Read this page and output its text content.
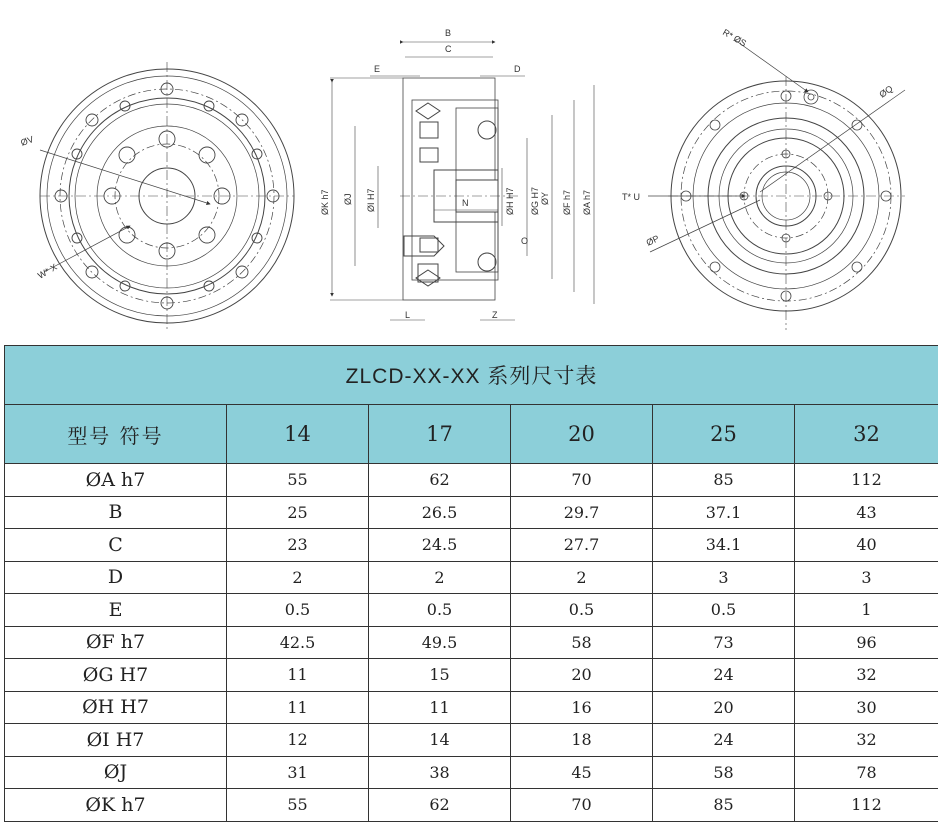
ØV
W* X
B
C
E	D
ØK h7 ØJ ØI H7	N	ØH H7 ØG H7 ØY ØF h7 ØA h7
O
L	Z
R* ØS
ØQ
T* U
ØP
ZLCD-XX-XX 系列尺寸表					
型号 符号	14	17	20	25	32
ØA h7	55	62	70	85	112
B	25	26.5	29.7	37.1	43
C	23	24.5	27.7	34.1	40
D	2	2	2	3	3
E	0.5	0.5	0.5	0.5	1
ØF h7	42.5	49.5	58	73	96
ØG H7	11	15	20	24	32
ØH H7	11	11	16	20	30
ØI H7	12	14	18	24	32
ØJ	31	38	45	58	78
ØK h7	55	62	70	85	112
